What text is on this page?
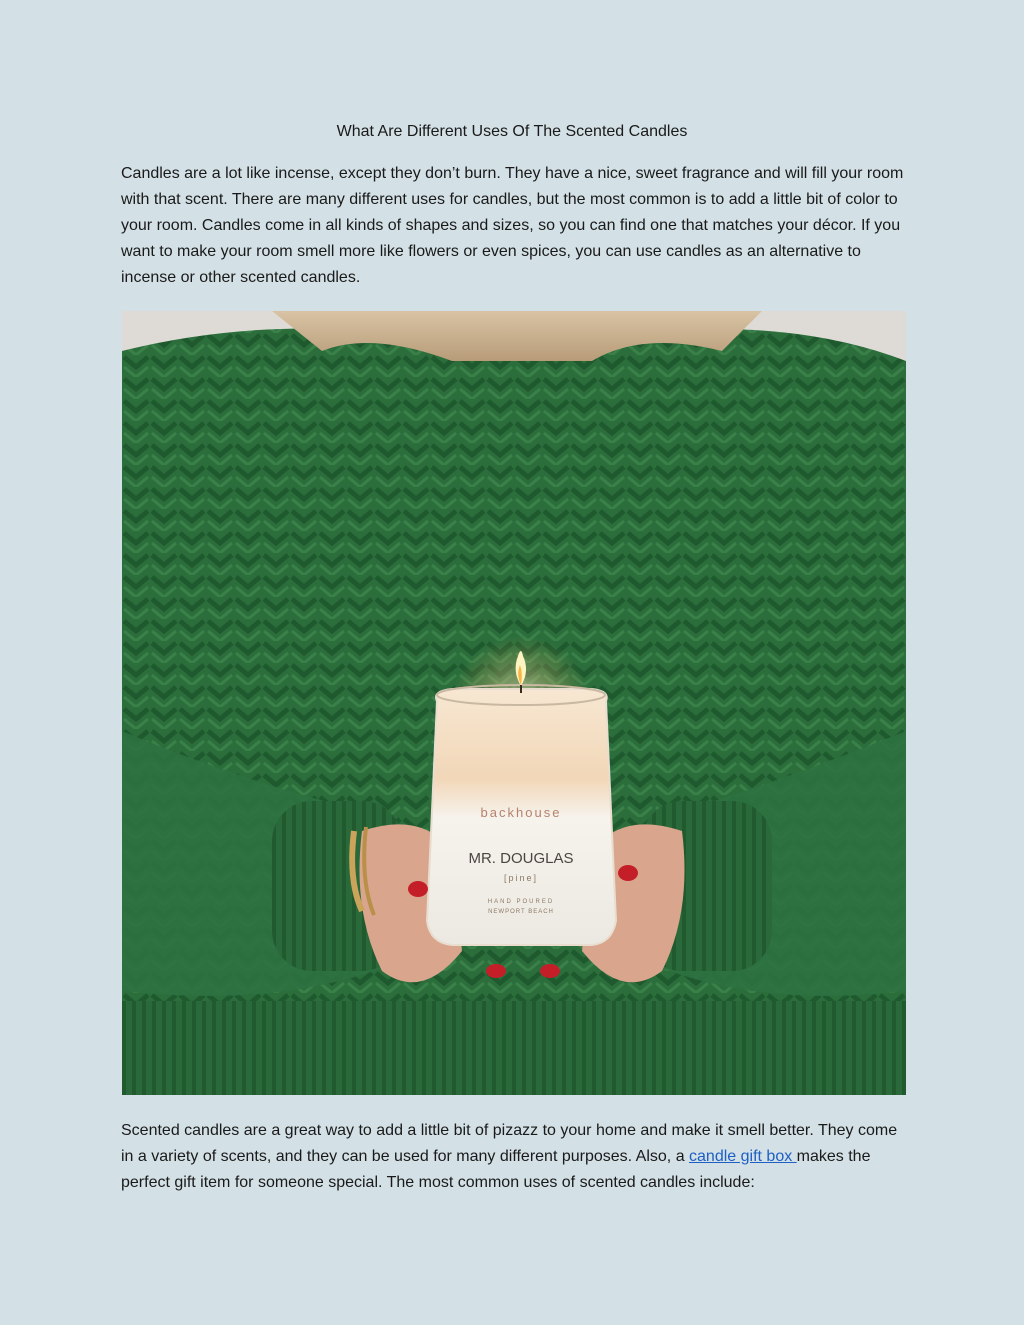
What Are Different Uses Of The Scented Candles

Candles are a lot like incense, except they don’t burn. They have a nice, sweet fragrance and will fill your room with that scent. There are many different uses for candles, but the most common is to add a little bit of color to your room. Candles come in all kinds of shapes and sizes, so you can find one that matches your décor. If you want to make your room smell more like flowers or even spices, you can use candles as an alternative to incense or other scented candles.

backhouse
MR. DOUGLAS
[pine]
HAND POURED
NEWPORT BEACH

Scented candles are a great way to add a little bit of pizazz to your home and make it smell better. They come in a variety of scents, and they can be used for many different purposes. Also, a candle gift box makes the perfect gift item for someone special. The most common uses of scented candles include:
